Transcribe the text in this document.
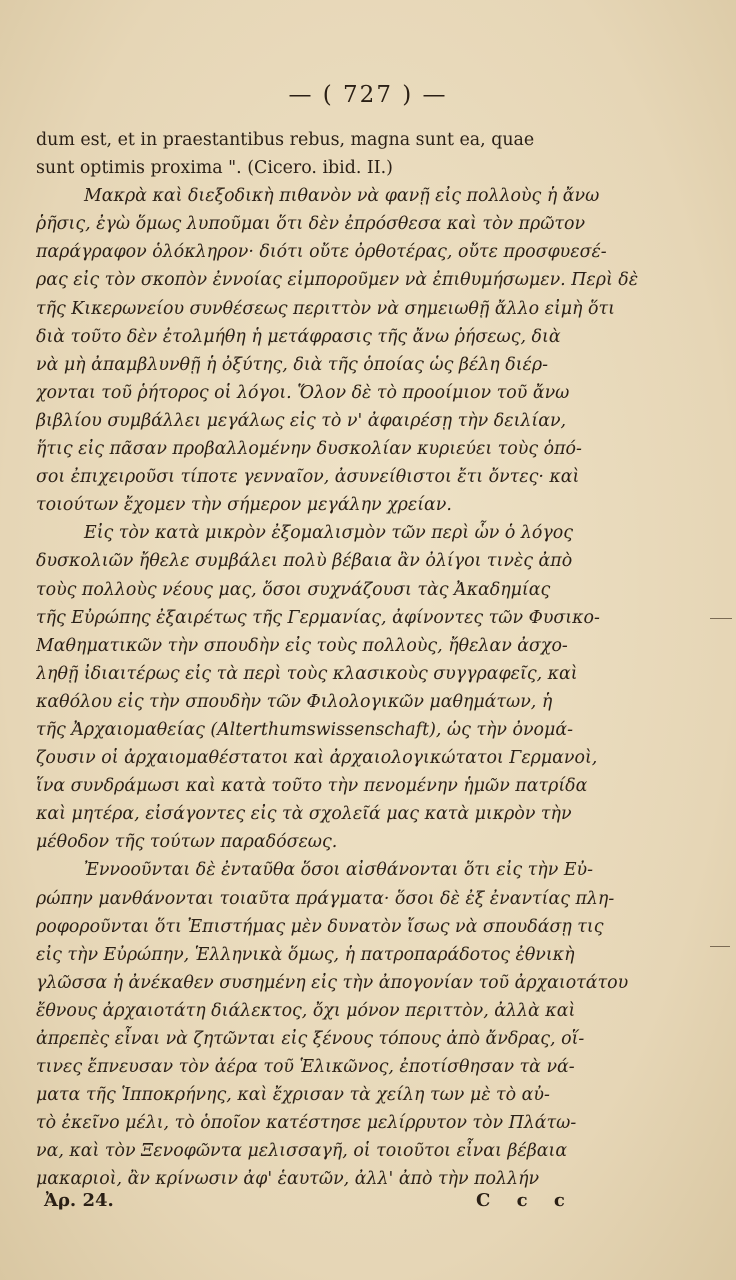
— ( 727 ) —
dum est, et in praestantibus rebus, magna sunt ea, quae
sunt optimis proxima ". (Cicero. ibid. II.)
Μακρὰ καὶ διεξοδικὴ πιθανὸν νὰ φανῇ εἰς πολλοὺς ἡ ἄνω
ῥῆσις, ἐγὼ ὅμως λυποῦμαι ὅτι δὲν ἐπρόσθεσα καὶ τὸν πρῶτον
παράγραφον ὁλόκληρον· διότι οὔτε ὀρθοτέρας, οὔτε προσφυεσέ-
ρας εἰς τὸν σκοπὸν ἐννοίας εἰμποροῦμεν νὰ ἐπιθυμήσωμεν. Περὶ δὲ
τῆς Κικερωνείου συνθέσεως περιττὸν νὰ σημειωθῇ ἄλλο εἰμὴ ὅτι
διὰ τοῦτο δὲν ἐτολμήθη ἡ μετάφρασις τῆς ἄνω ῥήσεως, διὰ
νὰ μὴ ἀπαμβλυνθῇ ἡ ὀξύτης, διὰ τῆς ὁποίας ὡς βέλη διέρ-
χονται τοῦ ῥήτορος οἱ λόγοι. Ὅλον δὲ τὸ προοίμιον τοῦ ἄνω
βιβλίου συμβάλλει μεγάλως εἰς τὸ ν' ἀφαιρέσῃ τὴν δειλίαν,
ἥτις εἰς πᾶσαν προβαλλομένην δυσκολίαν κυριεύει τοὺς ὁπό-
σοι ἐπιχειροῦσι τίποτε γενναῖον, ἀσυνείθιστοι ἔτι ὄντες· καὶ
τοιούτων ἔχομεν τὴν σήμερον μεγάλην χρείαν.
Εἰς τὸν κατὰ μικρὸν ἐξομαλισμὸν τῶν περὶ ὧν ὁ λόγος
δυσκολιῶν ἤθελε συμβάλει πολὺ βέβαια ἂν ὀλίγοι τινὲς ἀπὸ
τοὺς πολλοὺς νέους μας, ὅσοι συχνάζουσι τὰς Ἀκαδημίας
τῆς Εὐρώπης ἐξαιρέτως τῆς Γερμανίας, ἀφίνοντες τῶν Φυσικο-
Μαθηματικῶν τὴν σπουδὴν εἰς τοὺς πολλοὺς, ἤθελαν ἀσχο-
ληθῇ ἰδιαιτέρως εἰς τὰ περὶ τοὺς κλασικοὺς συγγραφεῖς, καὶ
καθόλου εἰς τὴν σπουδὴν τῶν Φιλολογικῶν μαθημάτων, ἡ
τῆς Ἀρχαιομαθείας (Alterthumswissenschaft), ὡς τὴν ὀνομά-
ζουσιν οἱ ἀρχαιομαθέστατοι καὶ ἀρχαιολογικώτατοι Γερμανοὶ,
ἵνα συνδράμωσι καὶ κατὰ τοῦτο τὴν πενομένην ἡμῶν πατρίδα
καὶ μητέρα, εἰσάγοντες εἰς τὰ σχολεῖά μας κατὰ μικρὸν τὴν
μέθοδον τῆς τούτων παραδόσεως.
Ἐννοοῦνται δὲ ἐνταῦθα ὅσοι αἰσθάνονται ὅτι εἰς τὴν Εὐ-
ρώπην μανθάνονται τοιαῦτα πράγματα· ὅσοι δὲ ἐξ ἐναντίας πλη-
ροφοροῦνται ὅτι Ἐπιστήμας μὲν δυνατὸν ἴσως νὰ σπουδάσῃ τις
εἰς τὴν Εὐρώπην, Ἑλληνικὰ ὅμως, ἡ πατροπαράδοτος ἐθνικὴ
γλῶσσα ἡ ἀνέκαθεν συσημένη εἰς τὴν ἀπογονίαν τοῦ ἀρχαιοτάτου
ἔθνους ἀρχαιοτάτη διάλεκτος, ὄχι μόνον περιττὸν, ἀλλὰ καὶ
ἀπρεπὲς εἶναι νὰ ζητῶνται εἰς ξένους τόπους ἀπὸ ἄνδρας, οἵ-
τινες ἔπνευσαν τὸν ἀέρα τοῦ Ἑλικῶνος, ἐποτίσθησαν τὰ νά-
ματα τῆς Ἱπποκρήνης, καὶ ἔχρισαν τὰ χείλη των μὲ τὸ αὐ-
τὸ ἐκεῖνο μέλι, τὸ ὁποῖον κατέστησε μελίρρυτον τὸν Πλάτω-
να, καὶ τὸν Ξενοφῶντα μελισσαγῆ, οἱ τοιοῦτοι εἶναι βέβαια
μακαριοὶ, ἂν κρίνωσιν ἀφ' ἑαυτῶν, ἀλλ' ἀπὸ τὴν πολλήν
Ἀρ. 24.	C c c
